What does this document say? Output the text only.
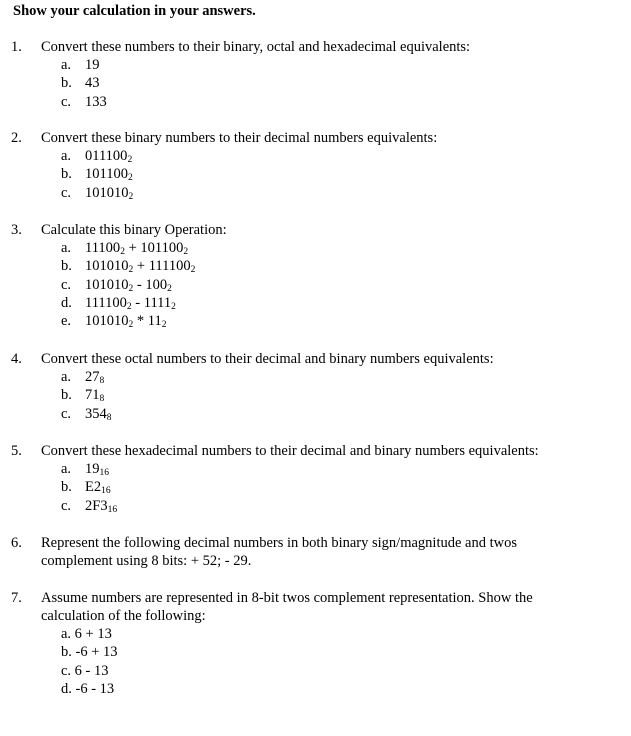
Show your calculation in your answers.

1. Convert these numbers to their binary, octal and hexadecimal equivalents:
a. 19
b. 43
c. 133
2. Convert these binary numbers to their decimal numbers equivalents:
a. $011100_2$
b. $101100_2$
c. $101010_2$
3. Calculate this binary Operation:
a. $11100_2 + 101100_2$
b. $101010_2 + 111100_2$
c. $101010_2 - 100_2$
d. $111100_2 - 1111_2$
e. $101010_2 * 11_2$
4. Convert these octal numbers to their decimal and binary numbers equivalents:
a. $27_8$
b. $71_8$
c. $354_8$
5. Convert these hexadecimal numbers to their decimal and binary numbers equivalents:
a. $19_{16}$
b. $E2_{16}$
c. $2F3_{16}$
6. Represent the following decimal numbers in both binary sign/magnitude and twos
complement using 8 bits: + 52; - 29.
7. Assume numbers are represented in 8-bit twos complement representation. Show the
calculation of the following:
a. 6 + 13
b. -6 + 13
c. 6 - 13
d. -6 - 13
